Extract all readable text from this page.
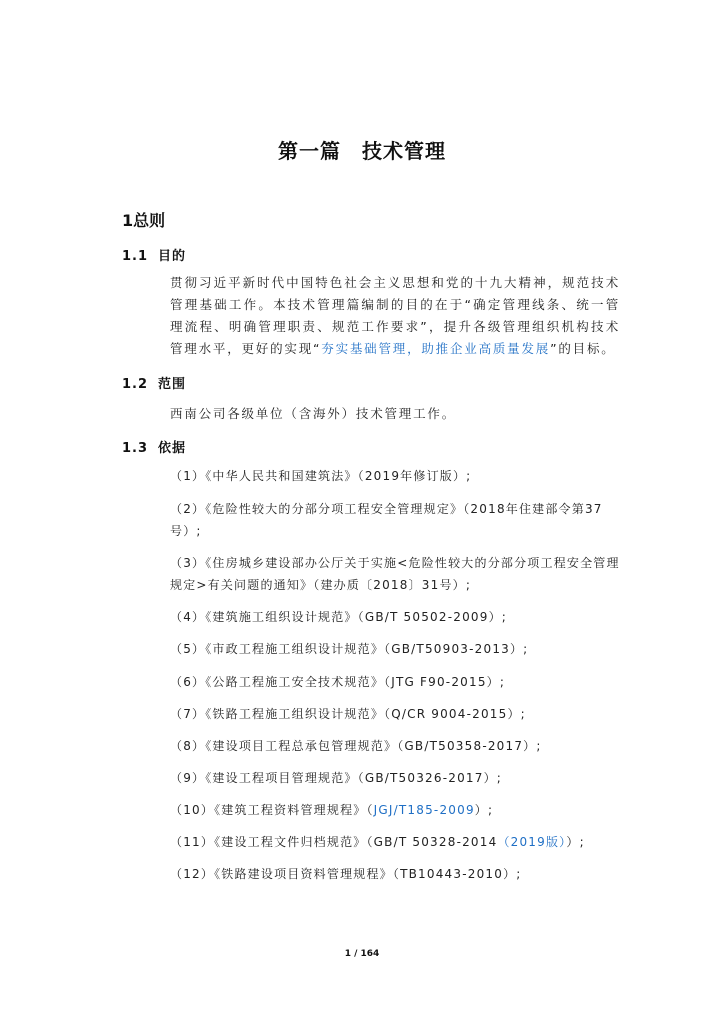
第一篇　技术管理
1总则
1.1 目的
贯彻习近平新时代中国特色社会主义思想和党的十九大精神，规范技术管理基础工作。本技术管理篇编制的目的在于“确定管理线条、统一管理流程、明确管理职责、规范工作要求”，提升各级管理组织机构技术管理水平，更好的实现“夯实基础管理，助推企业高质量发展”的目标。
1.2 范围
西南公司各级单位（含海外）技术管理工作。
1.3 依据
（1）《中华人民共和国建筑法》（2019年修订版）;
（2）《危险性较大的分部分项工程安全管理规定》（2018年住建部令第37号）;
（3）《住房城乡建设部办公厅关于实施<危险性较大的分部分项工程安全管理规定>有关问题的通知》（建办质〔2018〕31号）;
（4）《建筑施工组织设计规范》（GB/T 50502-2009）;
（5）《市政工程施工组织设计规范》（GB/T50903-2013）;
（6）《公路工程施工安全技术规范》（JTG F90-2015）;
（7）《铁路工程施工组织设计规范》（Q/CR 9004-2015）;
（8）《建设项目工程总承包管理规范》（GB/T50358-2017）;
（9）《建设工程项目管理规范》（GB/T50326-2017）;
（10）《建筑工程资料管理规程》（JGJ/T185-2009）;
（11）《建设工程文件归档规范》（GB/T 50328-2014（2019版））;
（12）《铁路建设项目资料管理规程》（TB10443-2010）;
1 / 164
